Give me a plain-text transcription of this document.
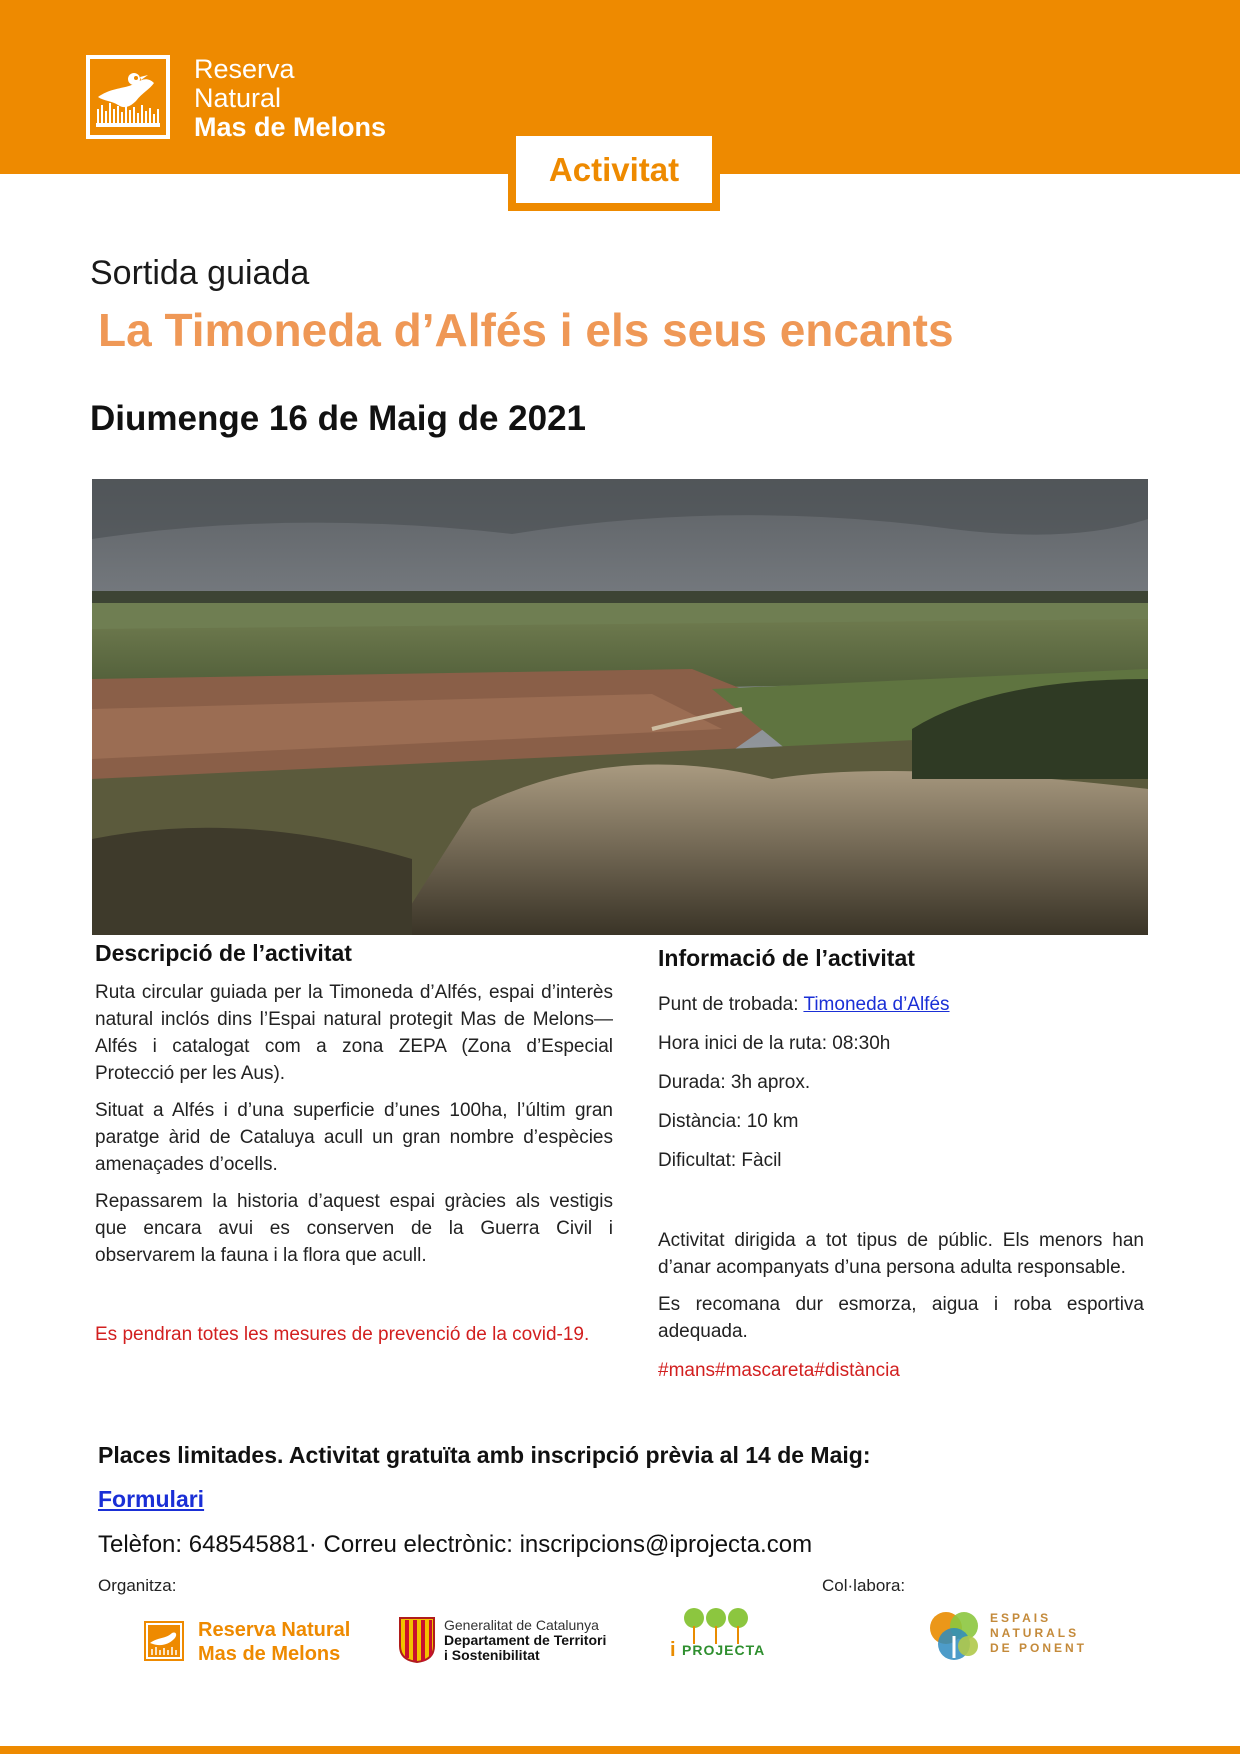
Reserva
Natural
Mas de Melons
Activitat
Sortida guiada
La Timoneda d’Alfés i els seus encants
Diumenge 16 de Maig de 2021

Descripció de l’activitat

Ruta circular guiada per la Timoneda d’Alfés, espai d’interès natural inclós dins l’Espai natural protegit Mas de Melons—Alfés i catalogat com a zona ZEPA (Zona d’Especial Protecció per les Aus).

Situat a Alfés i d’una superficie d’unes 100ha, l’últim gran paratge àrid de Cataluya acull un gran nombre d’espècies amenaçades d’ocells.

Repassarem la historia d’aquest espai gràcies als vestigis que encara avui es conserven de la Guerra Civil i observarem la fauna i la flora que acull.

Es pendran totes les mesures de prevenció de la covid-19.

Informació de l’activitat

Punt de trobada: Timoneda d’Alfés

Hora inici de la ruta: 08:30h

Durada: 3h aprox.

Distància: 10 km

Dificultat: Fàcil

Activitat dirigida a tot tipus de públic. Els menors han d’anar acompanyats d’una persona adulta responsable.

Es recomana dur esmorza, aigua i roba esportiva adequada.

#mans#mascareta#distància

Places limitades. Activitat gratuïta amb inscripció prèvia al 14 de Maig:
Formulari
Telèfon: 648545881· Correu electrònic: inscripcions@iprojecta.com
Organitza:	Col·labora:
Reserva Natural
Mas de Melons
Generalitat de Catalunya
Departament de Territori
i Sostenibilitat	i PROJECTA
ESPAIS
NATURALS
DE PONENT
